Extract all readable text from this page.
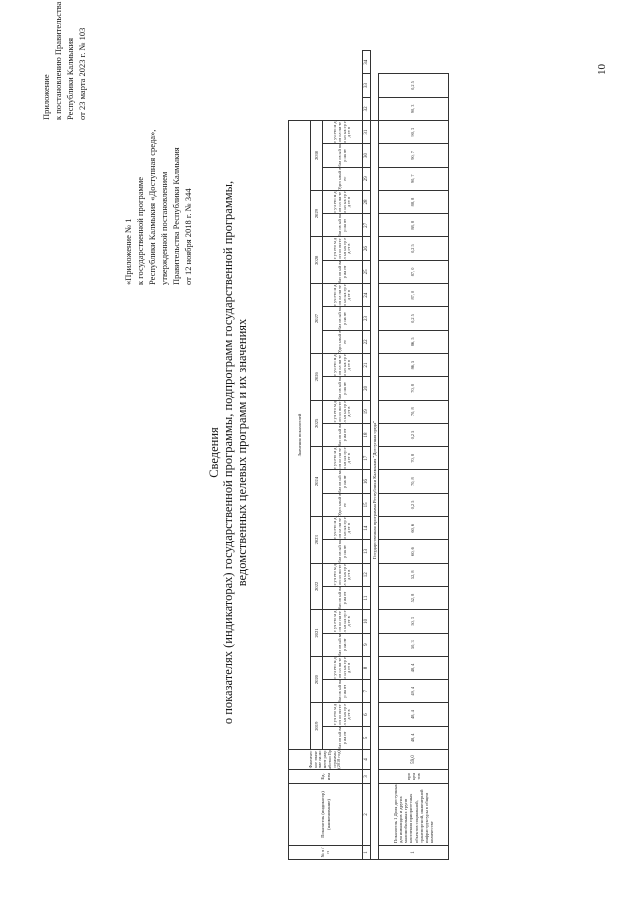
Приложение к постановлению Правительства Республики Калмыкия от 23 марта 2023 г. № 103
«Приложение № 1 к государственной программе Республики Калмыкия «Доступная среда», утвержденной постановлением Правительства Республики Калмыкия от 12 ноября 2018 г. № 344
Сведения о показателях (индикаторах) государственной программы, подпрограмм государственной программы, ведомственных целевых программ и их значениях
№ п / п	Показатель (индикатор) (наименование)	Ед. изм	Фактическое значение на момент разработки Программы (2018 год)	Значения показателей																													
				2019		2020		2021		2022		2023		2024			2025		2026		2027			2028		2029		2030					
				баз ов ый вар иа нт	с уч ето м доп ол ни тел ьн ых ср ед ст в	баз ов ый вар иа нт	с уч ето м доп ол ни тел ьн ых ср ед ст в	баз ов ый вар иа нт	с уч ето м доп ол ни тел ьн ых ср ед ст в	баз ов ый вар иа нт	с уч ето м доп ол ни тел ьн ых ср ед ст в	баз ов ый вар иа нт	с уч ето м доп ол ни тел ьн ых ср ед ст в	Удел ьный вес	баз ов ый вар иа нт	с уч ето м доп ол ни тел ьн ых ср ед ст в	баз ов ый вар иа нт	с уч ето м доп ол ни тел ьн ых ср ед ст в	баз ов ый вар иа нт	с уч ето м доп ол ни тел ьн ых ср ед ст в	Удел ьный вес	баз ов ый вар иа нт	с уч ето м доп ол ни тел ьн ых ср ед ст в	баз ов ый вар иа нт	с уч ето м доп ол ни тел ьн ых ср ед ст в	баз ов ый вар иа нт	с уч ето м доп ол ни тел ьн ых ср ед ст в	Удел ьный вес	баз ов ый вар иа нт	с уч ето м доп ол ни тел ьн ых ср ед ст в			
1	2	3	4	5	6	7	8	9	10	11	12	13	14	15	16	17	18	19	20	21	22	23	24	25	26	27	28	29	30	31	32	33	34
Государственная программа Республики Калмыкия "Доступная среда"																																	
1	Показатель 1 Доля доступных для инвалидов и других маломобильных групп населения приоритетных объектов социальной, транспортной, инженерной инфраструктуры в общем количестве	про цен тов	59,0	48, 4	48, 4	49, 4	48, 4	50, 3	50, 3	52, 8	52, 8	60, 6	60, 6	0,2 5	70, 8	70, 8	0,2 5	70, 8	70, 8	86, 5	86, 5	0,2 5	87, 0	87, 0	0,2 5	88, 8	88, 8	90, 7	90, 7	90, 3	90, 3	0,2 5	
10
